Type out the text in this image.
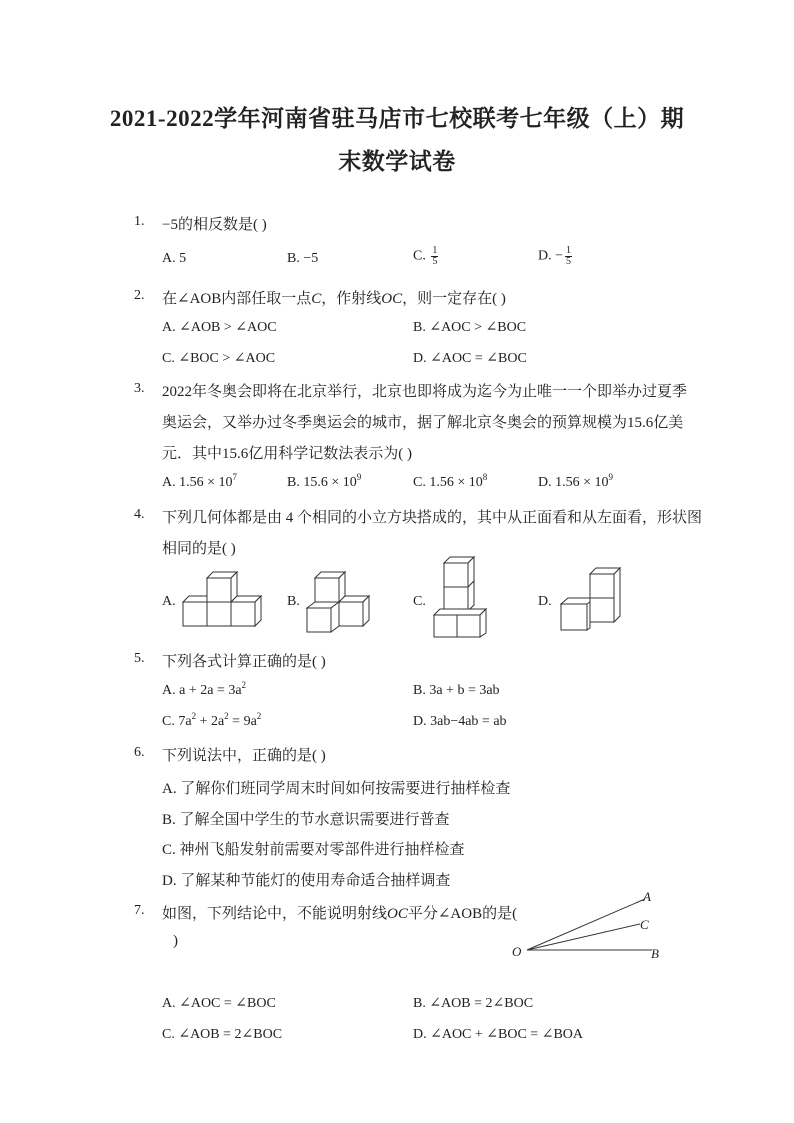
2021-2022学年河南省驻马店市七校联考七年级（上）期
末数学试卷
1. −5的相反数是( )
A. 5	B. −5	C. $\frac{1}{5}$	D. − $\frac{1}{5}$
2. 在∠AOB内部任取一点C，作射线OC，则一定存在( )
A. ∠AOB > ∠AOC	B. ∠AOC > ∠BOC
C. ∠BOC > ∠AOC	D. ∠AOC = ∠BOC
3. 2022年冬奥会即将在北京举行，北京也即将成为迄今为止唯一一个即举办过夏季
奥运会，又举办过冬季奥运会的城市，据了解北京冬奥会的预算规模为15.6亿美
元．其中15.6亿用科学记数法表示为( )
A. $1.56 \times 10^7$	B. $15.6 \times 10^9$	C. $1.56 \times 10^8$	D. $1.56 \times 10^9$
4. 下列几何体都是由 4 个相同的小立方块搭成的，其中从正面看和从左面看，形状图
相同的是( )
A.	B.	C.	D.
5. 下列各式计算正确的是( )
A. $a + 2a = 3a^2$	B. 3a + b = 3ab
C. $7a^2 + 2a^2 = 9a^2$	D. 3ab−4ab = ab
6. 下列说法中，正确的是( )
A. 了解你们班同学周末时间如何按需要进行抽样检查
B. 了解全国中学生的节水意识需要进行普查
C. 神州飞船发射前需要对零部件进行抽样检查
D. 了解某种节能灯的使用寿命适合抽样调查
7. 如图，下列结论中，不能说明射线OC平分∠AOB的是(
)
O
A
C
B
A. ∠AOC = ∠BOC	B. ∠AOB = 2∠BOC
C. ∠AOB = 2∠BOC	D. ∠AOC + ∠BOC = ∠BOA
